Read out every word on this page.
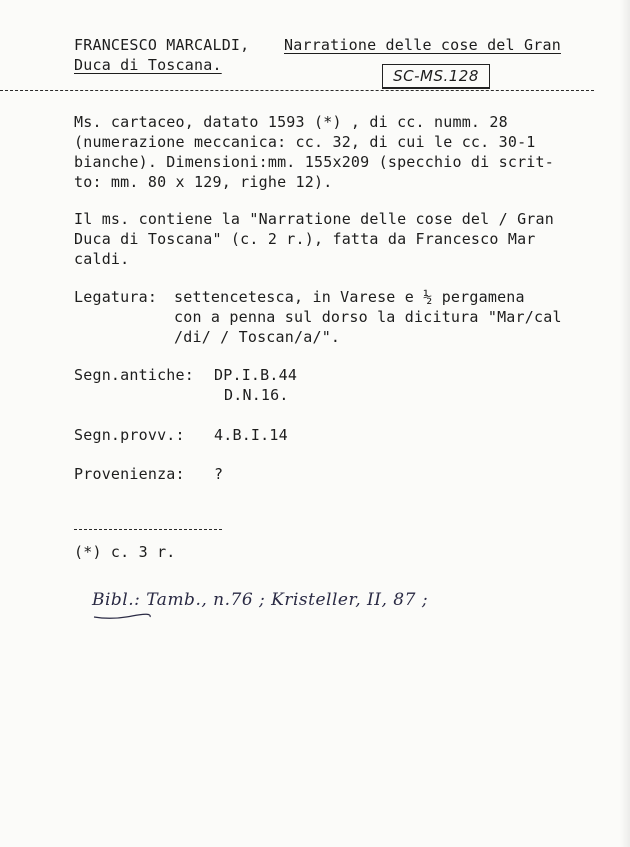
FRANCESCO MARCALDI, Narratione delle cose del Gran
Duca di Toscana.
SC-MS.128
Ms. cartaceo, datato 1593 (*) , di cc. numm. 28
(numerazione meccanica: cc. 32, di cui le cc. 30-1
bianche). Dimensioni:mm. 155x209 (specchio di scrit-
to: mm. 80 x 129, righe 12).
Il ms. contiene la "Narratione delle cose del / Gran
Duca di Toscana" (c. 2 r.), fatta da Francesco Mar
caldi.
Legatura: settencetesca, in Varese e ½ pergamena
con a penna sul dorso la dicitura "Mar/cal
/di/ / Toscan/a/".
Segn.antiche: DP.I.B.44
D.N.16.
Segn.provv.: 4.B.I.14
Provenienza: ?
(*) c. 3 r.
Bibl.: Tamb., n.76 ; Kristeller, II, 87 ;
